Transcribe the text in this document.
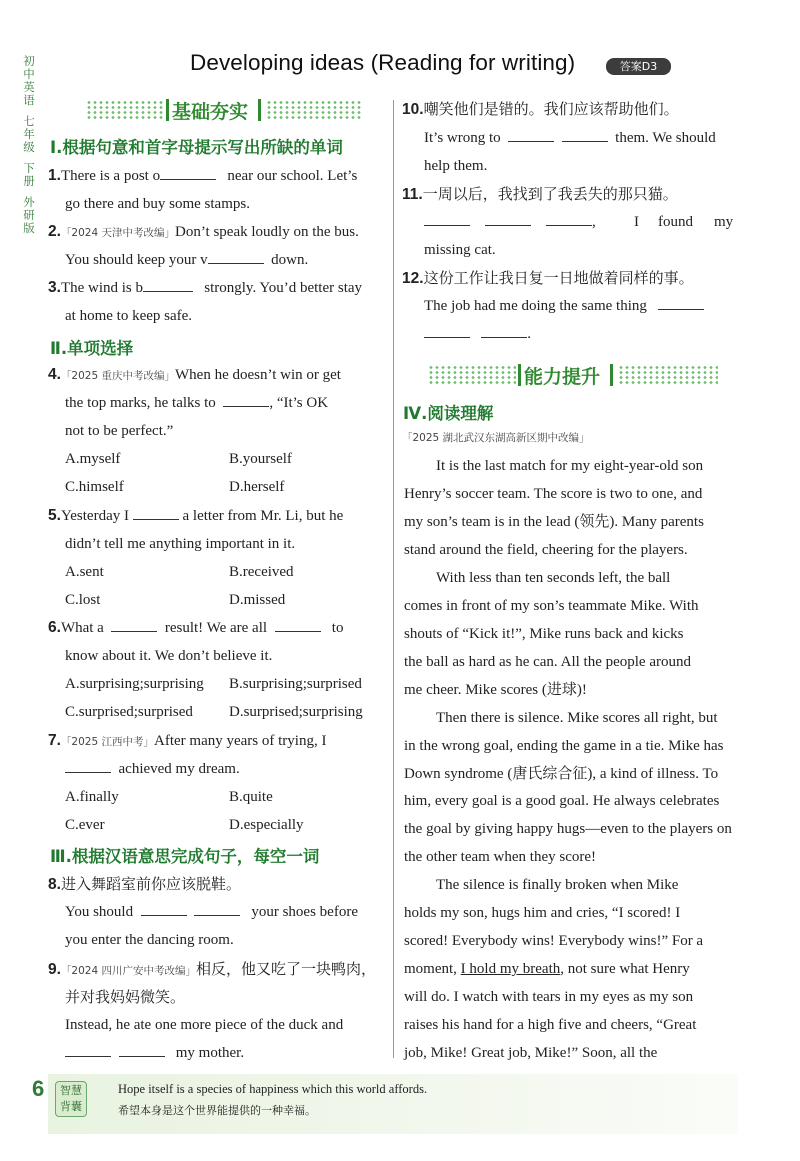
初中英语
七年级
下册
外研版
Developing ideas (Reading for writing)	答案D3
基础夯实
Ⅰ.根据句意和首字母提示写出所缺的单词
1.There is a post o	near our school. Let’s
go there and buy some stamps.
2.「2024 天津中考改编」Don’t speak loudly on the bus.
You should keep your v	down.
3.The wind is b	strongly. You’d better stay
at home to keep safe.
Ⅱ.单项选择
4.「2025 重庆中考改编」When he doesn’t win or get
the top marks, he talks to	, “It’s OK
not to be perfect.”
A.myself	B.yourself
C.himself	D.herself
5.Yesterday I	a letter from Mr. Li, but he
didn’t tell me anything important in it.
A.sent	B.received
C.lost	D.missed
6.What a	result! We are all	to
know about it. We don’t believe it.
A.surprising;surprising B.surprising;surprised
C.surprised;surprised D.surprised;surprising
7.「2025 江西中考」After many years of trying, I
achieved my dream.
A.finally	B.quite
C.ever	D.especially
Ⅲ.根据汉语意思完成句子，每空一词
8.进入舞蹈室前你应该脱鞋。
You should	your shoes before
you enter the dancing room.
9.「2024 四川广安中考改编」相反，他又吃了一块鸭肉，
并对我妈妈微笑。
Instead, he ate one more piece of the duck and
my mother.
10.嘲笑他们是错的。我们应该帮助他们。
It’s wrong to	them. We should
help them.
11.一周以后，我找到了我丢失的那只猫。
,	I found my
missing cat.
12.这份工作让我日复一日地做着同样的事。
The job had me doing the same thing
.
能力提升
Ⅳ.阅读理解
「2025 湖北武汉东湖高新区期中改编」
It is the last match for my eight-year-old son
Henry’s soccer team. The score is two to one, and
my son’s team is in the lead (领先). Many parents
stand around the field, cheering for the players.
With less than ten seconds left, the ball
comes in front of my son’s teammate Mike. With
shouts of “Kick it!”, Mike runs back and kicks
the ball as hard as he can. All the people around
me cheer. Mike scores (进球)!
Then there is silence. Mike scores all right, but
in the wrong goal, ending the game in a tie. Mike has
Down syndrome (唐氏综合征), a kind of illness. To
him, every goal is a good goal. He always celebrates
the goal by giving happy hugs—even to the players on
the other team when they score!
The silence is finally broken when Mike
holds my son, hugs him and cries, “I scored! I
scored! Everybody wins! Everybody wins!” For a
moment, I hold my breath, not sure what Henry
will do. I watch with tears in my eyes as my son
raises his hand for a high five and cheers, “Great
job, Mike! Great job, Mike!” Soon, all the
6	智慧
背囊
Hope itself is a species of happiness which this world affords.
希望本身是这个世界能提供的一种幸福。
